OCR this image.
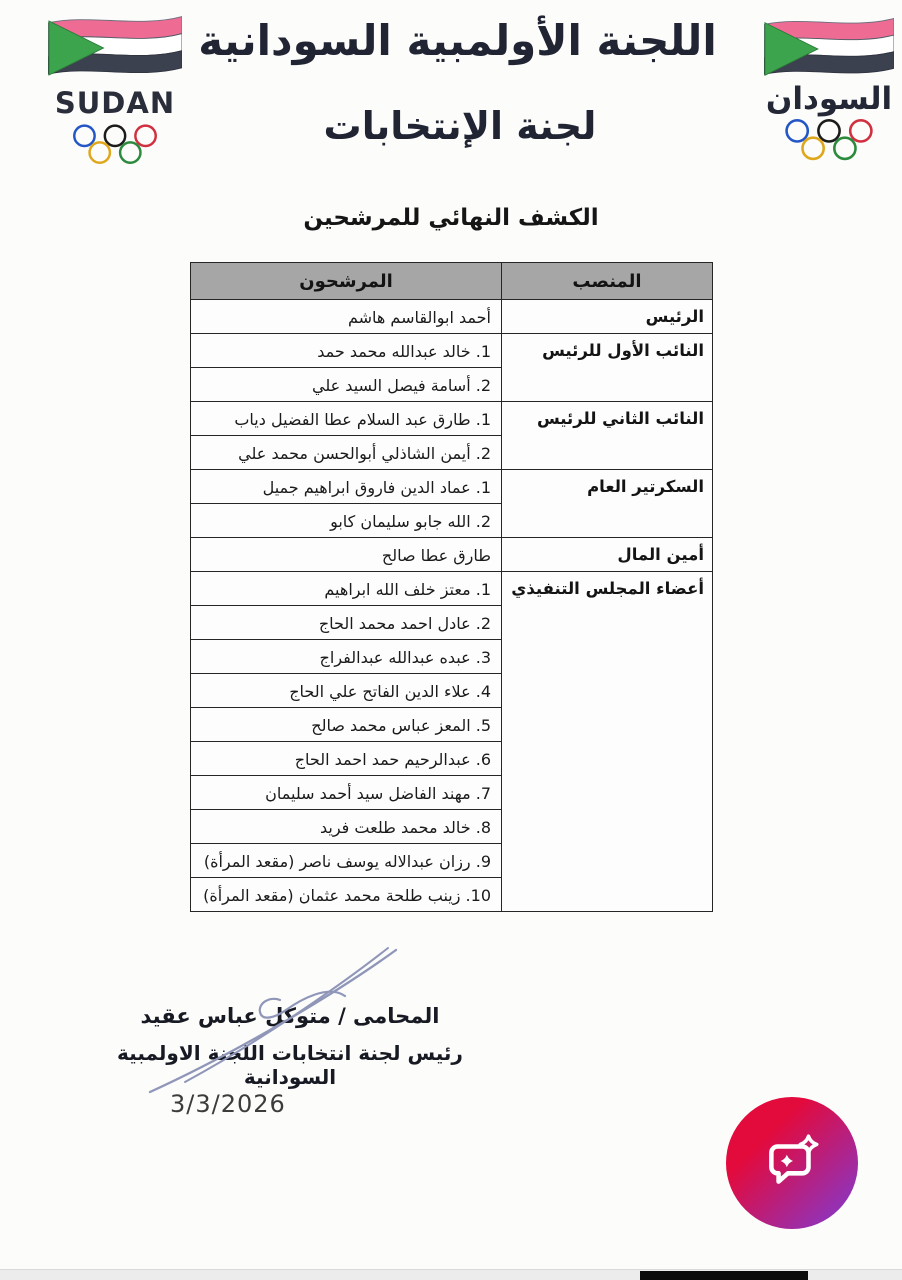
SUDAN
اللجنة الأولمبية السودانية
لجنة الإنتخابات
السودان
الكشف النهائي للمرشحين
المنصب	المرشحون
الرئيس	أحمد ابوالقاسم هاشم
النائب الأول للرئيس	1. خالد عبدالله محمد حمد
	2. أسامة فيصل السيد علي
النائب الثاني للرئيس	1. طارق عبد السلام عطا الفضيل دياب
	2. أيمن الشاذلي أبوالحسن محمد علي
السكرتير العام	1. عماد الدين فاروق ابراهيم جميل
	2. الله جابو سليمان كابو
أمين المال	طارق عطا صالح
أعضاء المجلس التنفيذي	1. معتز خلف الله ابراهيم
	2. عادل احمد محمد الحاج
	3. عبده عبدالله عبدالفراج
	4. علاء الدين الفاتح علي الحاج
	5. المعز عباس محمد صالح
	6. عبدالرحيم حمد احمد الحاج
	7. مهند الفاضل سيد أحمد سليمان
	8. خالد محمد طلعت فريد
	9. رزان عبدالاله يوسف ناصر (مقعد المرأة)
	10. زينب طلحة محمد عثمان (مقعد المرأة)
المحامى / متوكل عباس عقيد
رئيس لجنة انتخابات اللجنة الاولمبية السودانية
3/3/2026
